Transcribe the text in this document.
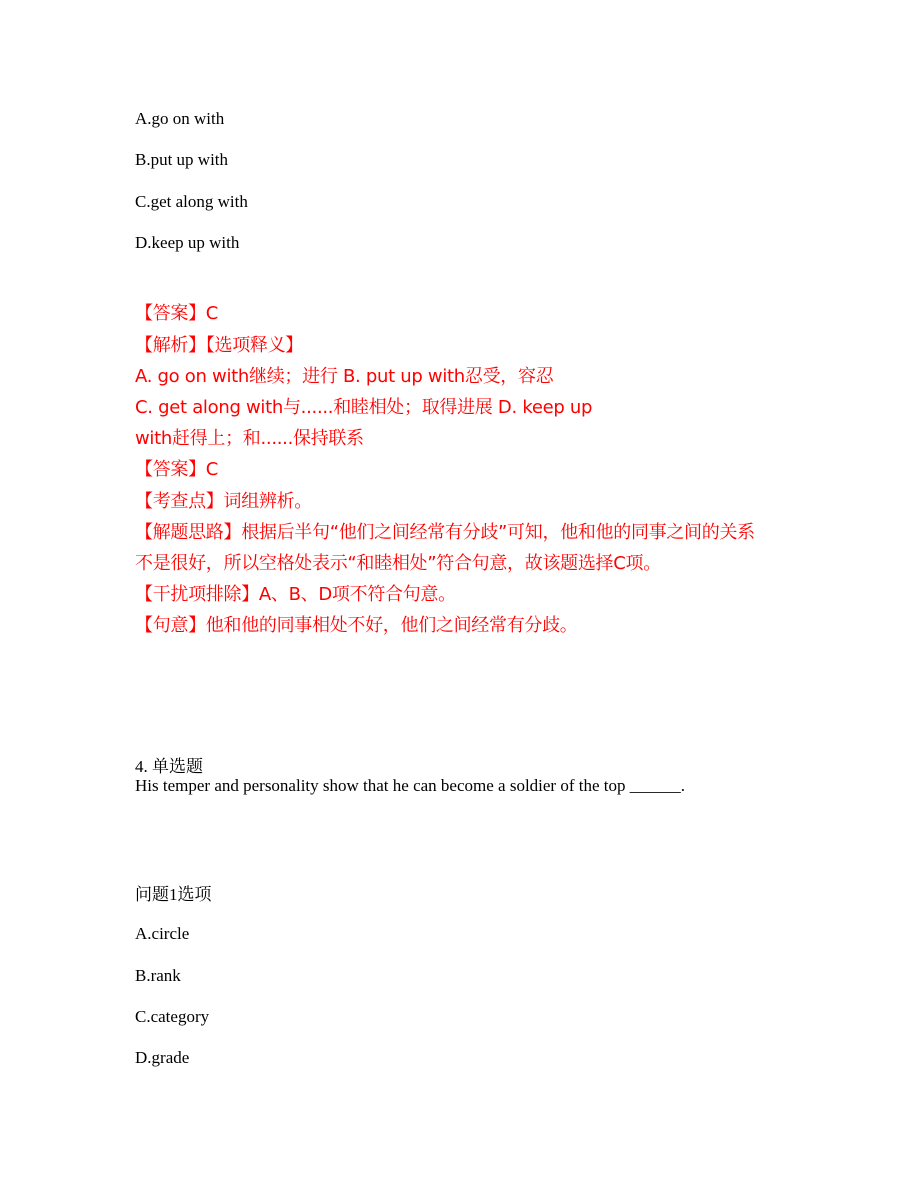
A.go on with
B.put up with
C.get along with
D.keep up with
【答案】C
【解析】【选项释义】
A. go on with继续；进行 B. put up with忍受，容忍
C. get along with与......和睦相处；取得进展 D. keep up
with赶得上；和......保持联系
【答案】C
【考查点】词组辨析。
【解题思路】根据后半句“他们之间经常有分歧”可知，他和他的同事之间的关系
不是很好，所以空格处表示“和睦相处”符合句意，故该题选择C项。
【干扰项排除】A、B、D项不符合句意。
【句意】他和他的同事相处不好，他们之间经常有分歧。
4. 单选题
His temper and personality show that he can become a soldier of the top ______.
问题1选项
A.circle
B.rank
C.category
D.grade
